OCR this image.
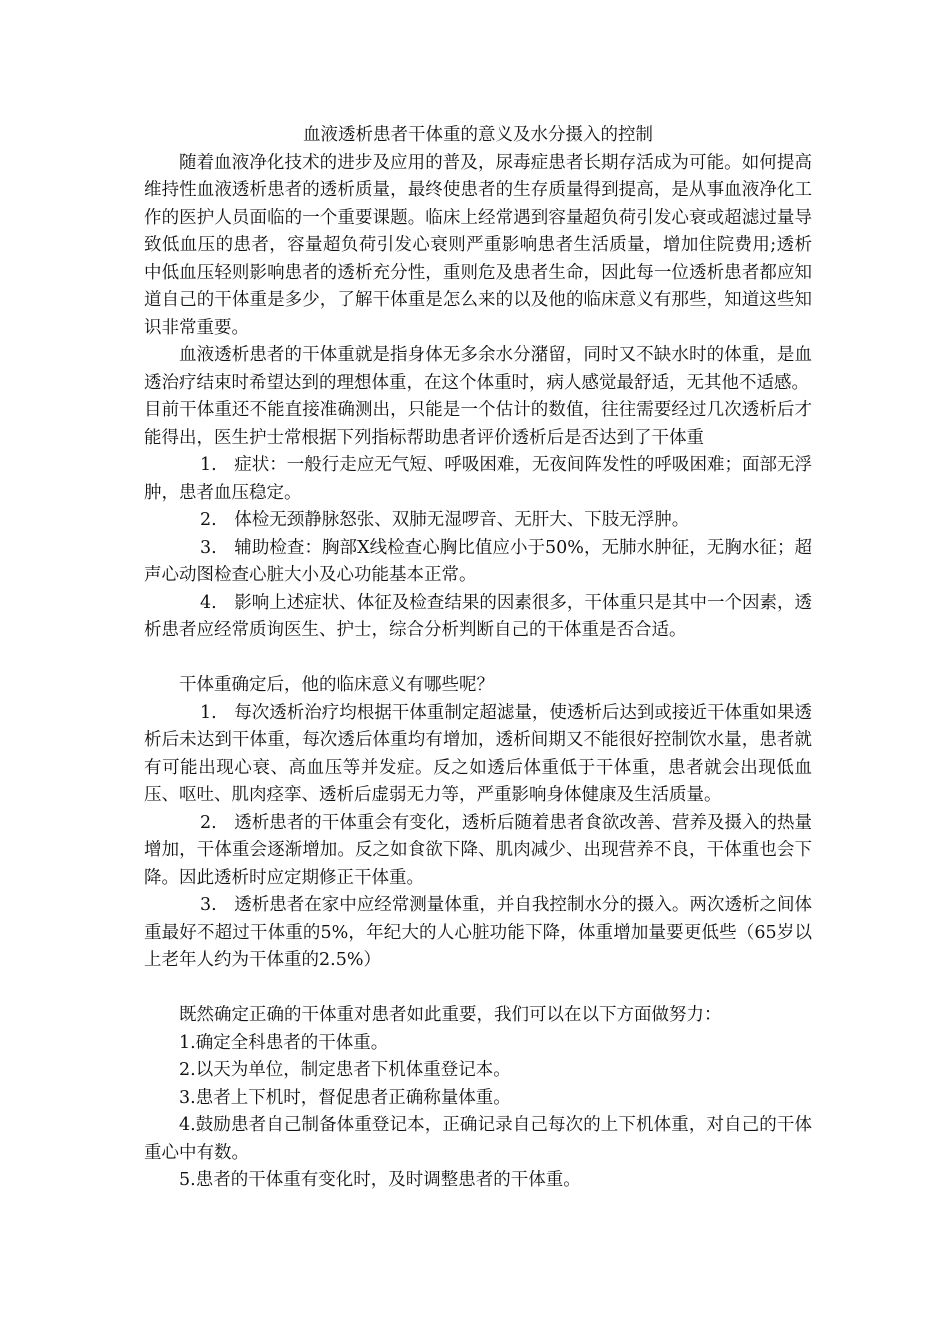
血液透析患者干体重的意义及水分摄入的控制

随着血液净化技术的进步及应用的普及，尿毒症患者长期存活成为可能。如何提高维持性血液透析患者的透析质量，最终使患者的生存质量得到提高，是从事血液净化工作的医护人员面临的一个重要课题。临床上经常遇到容量超负荷引发心衰或超滤过量导致低血压的患者，容量超负荷引发心衰则严重影响患者生活质量，增加住院费用;透析中低血压轻则影响患者的透析充分性，重则危及患者生命，因此每一位透析患者都应知道自己的干体重是多少，了解干体重是怎么来的以及他的临床意义有那些，知道这些知识非常重要。

血液透析患者的干体重就是指身体无多余水分潴留，同时又不缺水时的体重，是血透治疗结束时希望达到的理想体重，在这个体重时，病人感觉最舒适，无其他不适感。

目前干体重还不能直接准确测出，只能是一个估计的数值，往往需要经过几次透析后才能得出，医生护士常根据下列指标帮助患者评价透析后是否达到了干体重

1.　症状：一般行走应无气短、呼吸困难，无夜间阵发性的呼吸困难；面部无浮肿，患者血压稳定。

2.　体检无颈静脉怒张、双肺无湿啰音、无肝大、下肢无浮肿。

3.　辅助检查：胸部X线检查心胸比值应小于50%，无肺水肿征，无胸水征；超声心动图检查心脏大小及心功能基本正常。

4.　影响上述症状、体征及检查结果的因素很多，干体重只是其中一个因素，透析患者应经常质询医生、护士，综合分析判断自己的干体重是否合适。

干体重确定后，他的临床意义有哪些呢？

1.　每次透析治疗均根据干体重制定超滤量，使透析后达到或接近干体重如果透析后未达到干体重，每次透后体重均有增加，透析间期又不能很好控制饮水量，患者就有可能出现心衰、高血压等并发症。反之如透后体重低于干体重，患者就会出现低血压、呕吐、肌肉痉挛、透析后虚弱无力等，严重影响身体健康及生活质量。

2.　透析患者的干体重会有变化，透析后随着患者食欲改善、营养及摄入的热量增加，干体重会逐渐增加。反之如食欲下降、肌肉减少、出现营养不良，干体重也会下降。因此透析时应定期修正干体重。

3.　透析患者在家中应经常测量体重，并自我控制水分的摄入。两次透析之间体重最好不超过干体重的5%，年纪大的人心脏功能下降，体重增加量要更低些（65岁以上老年人约为干体重的2.5%）

既然确定正确的干体重对患者如此重要，我们可以在以下方面做努力：

1.确定全科患者的干体重。

2.以天为单位，制定患者下机体重登记本。

3.患者上下机时，督促患者正确称量体重。

4.鼓励患者自己制备体重登记本，正确记录自己每次的上下机体重，对自己的干体重心中有数。

5.患者的干体重有变化时，及时调整患者的干体重。
